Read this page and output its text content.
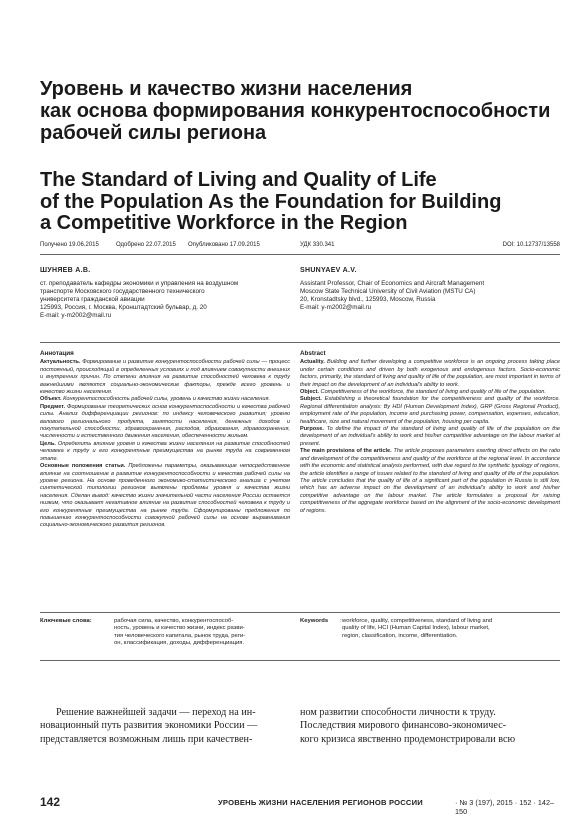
Уровень и качество жизни населения
как основа формирования конкурентоспособности
рабочей силы региона
The Standard of Living and Quality of Life
of the Population As the Foundation for Building
a Competitive Workforce in the Region
Получено 19.06.2015	Одобрено 22.07.2015 Опубликовано 17.09.2015	УДК 330.341	DOI: 10.12737/13558
ШУНЯЕВ А.В.
ст. преподаватель кафедры экономики и управления на воздушном
транспорте Московского государственного технического
университета гражданской авиации
125993, Россия, г. Москва, Кронштадтский бульвар, д. 20
E-mail: y-m2002@mail.ru
SHUNYAEV A.V.
Assistant Professor, Chair of Economics and Aircraft Management
Moscow State Technical University of Civil Aviation (MSTU CA)
20, Kronstadtsky blvd., 125993, Moscow, Russia
E-mail: y-m2002@mail.ru
Аннотация

Актуальность. Формирование и развитие конкурентоспособности рабочей силы — процесс постоянный, происходящий в определенных условиях и под влиянием совокупности внешних и внутренних причин. По степени влияния на развитие способностей человека к труду важнейшими являются социально-экономические факторы, прежде всего уровень и качество жизни населения.

Объект. Конкурентоспособность рабочей силы, уровень и качество жизни населения.

Предмет. Формирование теоретических основ конкурентоспособности и качества рабочей силы. Анализ дифференциации регионов: по индексу человеческого развития; уровню валового регионального продукта, занятости населения, денежных доходов и покупательной способности, здравоохранения, расходов, образования, здравоохранения, численности и естественного движения населения, обеспеченности жильем.

Цель. Определить влияние уровня и качества жизни населения на развитие способностей человека к труду и его конкурентные преимущества на рынке труда на современном этапе.

Основные положения статьи. Предложены параметры, оказывающие непосредственное влияние на соотношение в развитие конкурентоспособности и качества рабочей силы на уровне региона. На основе проведенного экономико-статистического анализа с учетом синтетической типологии регионов выявлены проблемы уровня и качества жизни населения. Сделан вывод: качество жизни значительной части населения России остается низким, что оказывает негативное влияние на развитие способностей человека к труду и его конкурентные преимущества на рынке труда. Сформулированы предложения по повышению конкурентоспособности совокупной рабочей силы на основе выравнивания социально-экономического развития регионов.

Abstract

Actuality. Building and further developing a competitive workforce is an ongoing process taking place under certain conditions and driven by both exogenous and endogenous factors. Socio-economic factors, primarily, the standard of living and quality of life of the population, are most important in terms of their impact on the development of an individual's ability to work.

Object. Competitiveness of the workforce, the standard of living and quality of life of the population.

Subject. Establishing a theoretical foundation for the competitiveness and quality of the workforce. Regional differentiation analysis: By HDI (Human Development Index), GRP (Gross Regional Product), employment rate of the population, income and purchasing power, compensation, expenses, education, healthcare, size and natural movement of the population, housing per capita.

Purpose. To define the impact of the standard of living and quality of life of the population on the development of an individual's ability to work and his/her competitive advantage on the labour market at present.

The main provisions of the article. The article proposes parameters exerting direct effects on the ratio and development of the competitiveness and quality of the workforce at the regional level. In accordance with the economic and statistical analysis performed, with due regard to the synthetic typology of regions, the article identifies a range of issues related to the standard of living and quality of life of the population. The article concludes that the quality of life of a significant part of the population in Russia is still low, which has an adverse impact on the development of an individual's ability to work and his/her competitive advantage on the labour market. The article formulates a proposal for raising competitiveness of the aggregate workforce based on the alignment of the socio-economic development of regions.

Ключевые слова:	рабочая сила, качество, конкурентоспособ-
ность, уровень и качество жизни, индекс разви-
тия человеческого капитала, рынок труда, реги-
он, классификация, доходы, дифференциация.
Keywords	: workforce, quality, competitiveness, standard of living and
quality of life, HCI (Human Capital Index), labour market,
region, classification, income, differentiation.
Решение важнейшей задачи — переход на ин-
новационный путь развития экономики России —
представляется возможным лишь при качествен-
ном развитии способности личности к труду.
Последствия мирового финансово-экономичес-
кого кризиса явственно продемонстрировали всю
142	УРОВЕНЬ ЖИЗНИ НАСЕЛЕНИЯ РЕГИОНОВ РОССИИ	· № 3 (197), 2015 · 152 · 142–150
